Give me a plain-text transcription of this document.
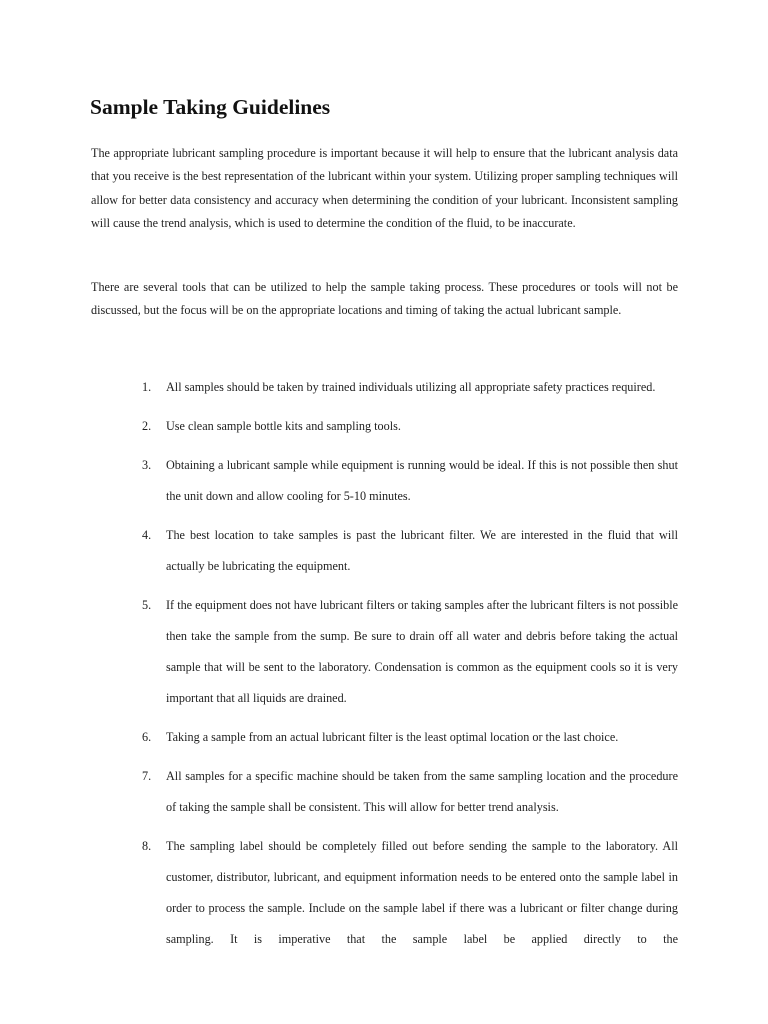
Sample Taking Guidelines

The appropriate lubricant sampling procedure is important because it will help to ensure that the lubricant analysis data that you receive is the best representation of the lubricant within your system. Utilizing proper sampling techniques will allow for better data consistency and accuracy when determining the condition of your lubricant. Inconsistent sampling will cause the trend analysis, which is used to determine the condition of the fluid, to be inaccurate.

There are several tools that can be utilized to help the sample taking process. These procedures or tools will not be discussed, but the focus will be on the appropriate locations and timing of taking the actual lubricant sample.

1.	All samples should be taken by trained individuals utilizing all appropriate safety practices required.

2.	Use clean sample bottle kits and sampling tools.

3.	Obtaining a lubricant sample while equipment is running would be ideal. If this is not possible then shut the unit down and allow cooling for 5-10 minutes.

4.	The best location to take samples is past the lubricant filter. We are interested in the fluid that will actually be lubricating the equipment.

5.	If the equipment does not have lubricant filters or taking samples after the lubricant filters is not possible then take the sample from the sump. Be sure to drain off all water and debris before taking the actual sample that will be sent to the laboratory. Condensation is common as the equipment cools so it is very important that all liquids are drained.

6.	Taking a sample from an actual lubricant filter is the least optimal location or the last choice.

7.	All samples for a specific machine should be taken from the same sampling location and the procedure of taking the sample shall be consistent. This will allow for better trend analysis.

8.	The sampling label should be completely filled out before sending the sample to the laboratory. All customer, distributor, lubricant, and equipment information needs to be entered onto the sample label in order to process the sample. Include on the sample label if there was a lubricant or filter change during sampling. It is imperative that the sample label be applied directly to the
